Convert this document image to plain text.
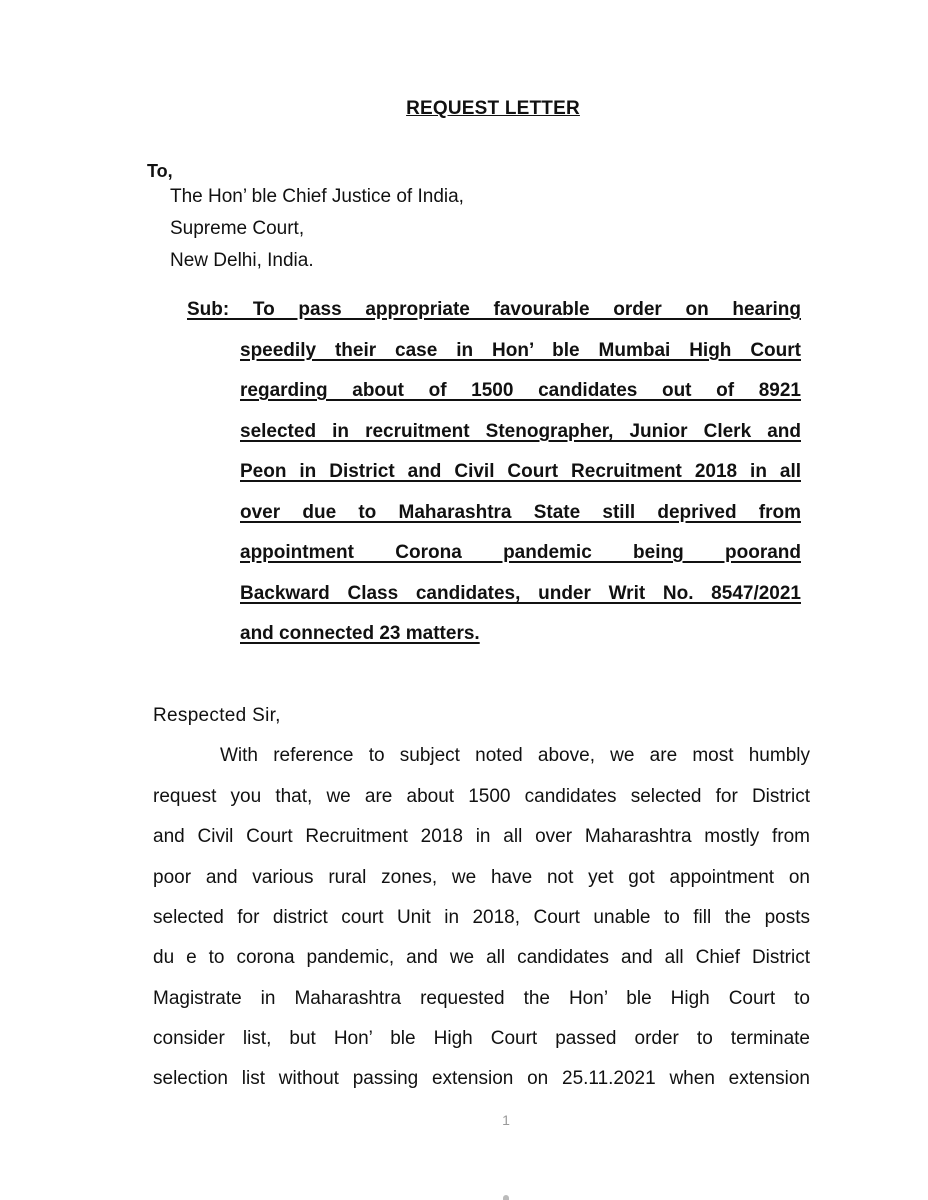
REQUEST LETTER
To,
The Hon’ ble Chief Justice of India,
Supreme Court,
New Delhi, India.
Sub: To pass appropriate favourable order on hearing
speedily their case in Hon’ ble Mumbai High Court
regarding about of 1500 candidates out of 8921
selected in recruitment Stenographer, Junior Clerk and
Peon in District and Civil Court Recruitment 2018 in all
over due to Maharashtra State still deprived from
appointment Corona pandemic being poorand
Backward Class candidates, under Writ No. 8547/2021
and connected 23 matters.
Respected Sir,
With reference to subject noted above, we are most humbly
request you that, we are about 1500 candidates selected for District
and Civil Court Recruitment 2018 in all over Maharashtra mostly from
poor and various rural zones, we have not yet got appointment on
selected for district court Unit in 2018, Court unable to fill the posts
du e to corona pandemic, and we all candidates and all Chief District
Magistrate in Maharashtra requested the Hon’ ble High Court to
consider list, but Hon’ ble High Court passed order to terminate
selection list without passing extension on 25.11.2021 when extension
1
